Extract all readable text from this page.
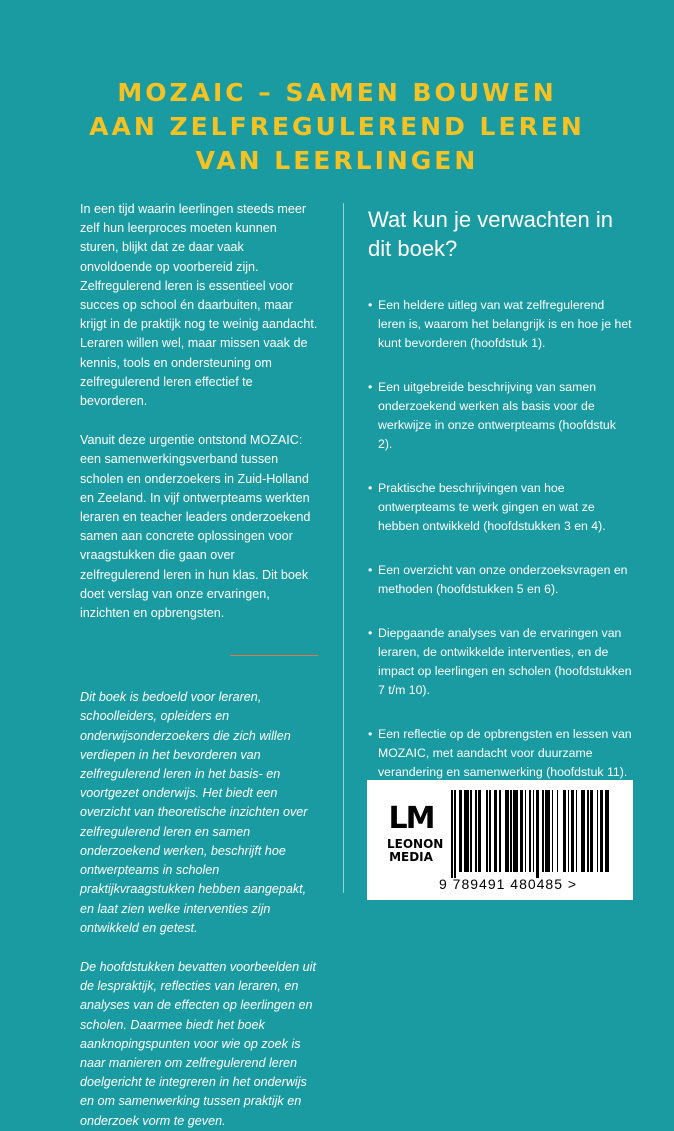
MOZAIC – SAMEN BOUWEN
AAN ZELFREGULEREND LEREN
VAN LEERLINGEN

In een tijd waarin leerlingen steeds meer zelf hun leerproces moeten kunnen sturen, blijkt dat ze daar vaak onvoldoende op voorbereid zijn. Zelfregulerend leren is essentieel voor succes op school én daarbuiten, maar krijgt in de praktijk nog te weinig aandacht. Leraren willen wel, maar missen vaak de kennis, tools en ondersteuning om zelfregulerend leren effectief te bevorderen.

Vanuit deze urgentie ontstond MOZAIC: een samenwerkingsverband tussen scholen en onderzoekers in Zuid-Holland en Zeeland. In vijf ontwerpteams werkten leraren en teacher leaders onderzoekend samen aan concrete oplossingen voor vraagstukken die gaan over zelfregulerend leren in hun klas. Dit boek doet verslag van onze ervaringen, inzichten en opbrengsten.

Dit boek is bedoeld voor leraren, schoolleiders, opleiders en onderwijsonderzoekers die zich willen verdiepen in het bevorderen van zelfregulerend leren in het basis- en voortgezet onderwijs. Het biedt een overzicht van theoretische inzichten over zelfregulerend leren en samen onderzoekend werken, beschrijft hoe ontwerpteams in scholen praktijkvraagstukken hebben aangepakt, en laat zien welke interventies zijn ontwikkeld en getest.

De hoofdstukken bevatten voorbeelden uit de lespraktijk, reflecties van leraren, en analyses van de effecten op leerlingen en scholen. Daarmee biedt het boek aanknopingspunten voor wie op zoek is naar manieren om zelfregulerend leren doelgericht te integreren in het onderwijs en om samenwerking tussen praktijk en onderzoek vorm te geven.

Wat kun je verwachten in dit boek?
• Een heldere uitleg van wat zelfregulerend leren is, waarom het belangrijk is en hoe je het kunt bevorderen (hoofdstuk 1).
• Een uitgebreide beschrijving van samen onderzoekend werken als basis voor de werkwijze in onze ontwerpteams (hoofdstuk 2).
• Praktische beschrijvingen van hoe ontwerpteams te werk gingen en wat ze hebben ontwikkeld (hoofdstukken 3 en 4).
• Een overzicht van onze onderzoeksvragen en methoden (hoofdstukken 5 en 6).
• Diepgaande analyses van de ervaringen van leraren, de ontwikkelde interventies, en de impact op leerlingen en scholen (hoofdstukken 7 t/m 10).
• Een reflectie op de opbrengsten en lessen van MOZAIC, met aandacht voor duurzame verandering en samenwerking (hoofdstuk 11).
LM
LEONON
MEDIA
9 789491 480485 >
